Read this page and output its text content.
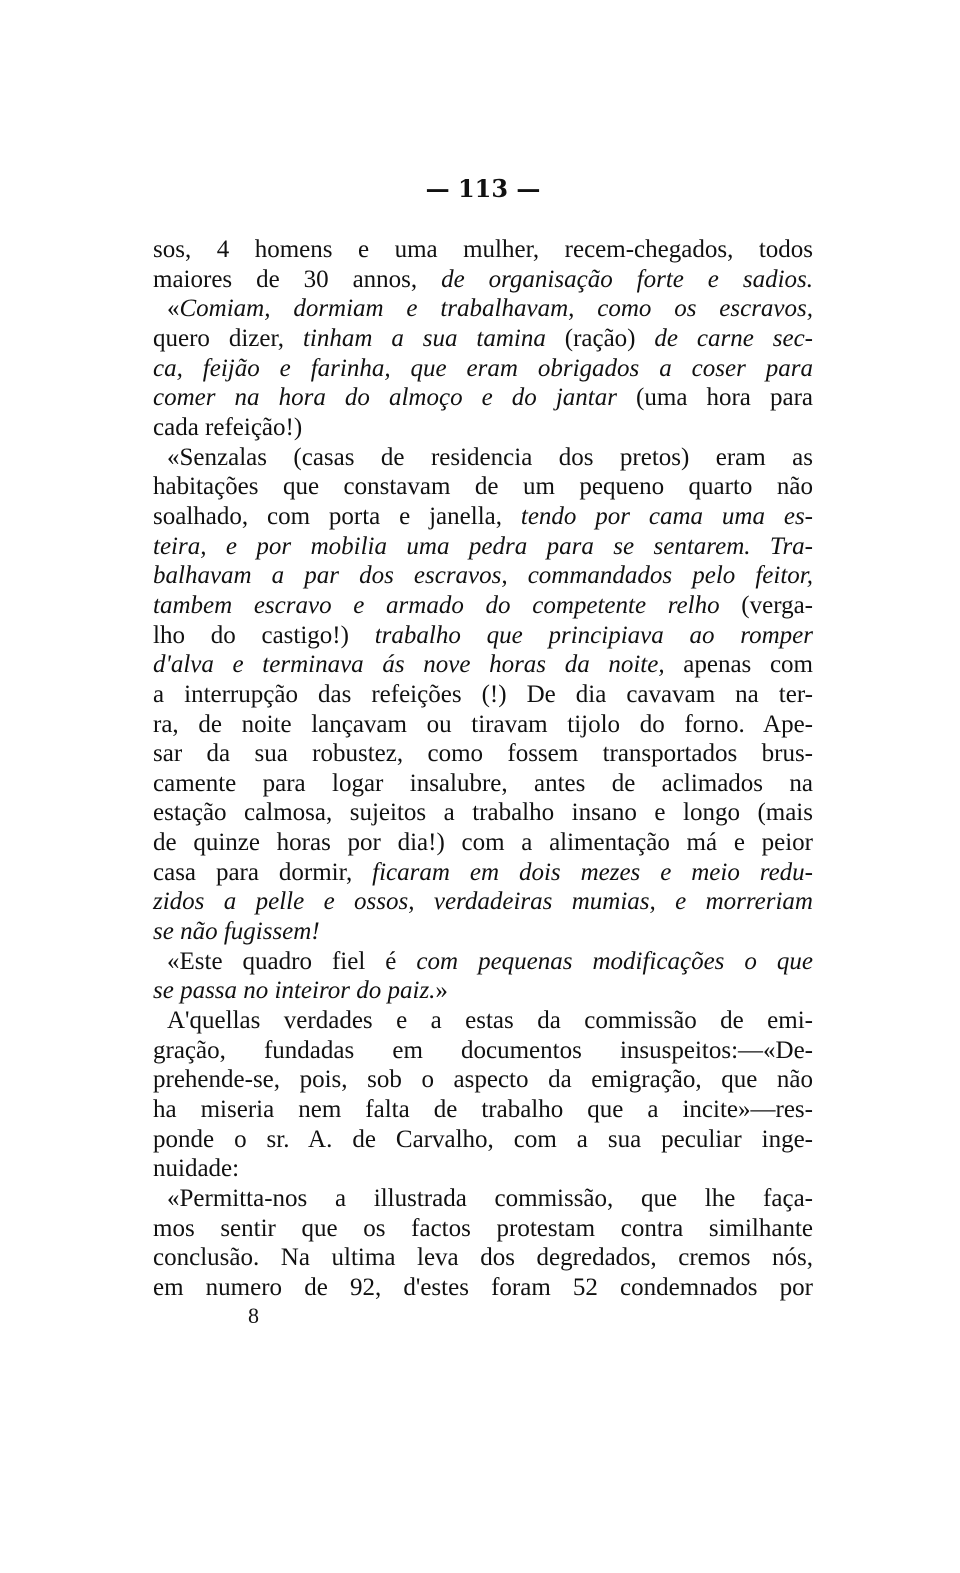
— 113 —
sos, 4 homens e uma mulher, recem-chegados, todos
maiores de 30 annos, de organisação forte e sadios.
«Comiam, dormiam e trabalhavam, como os escravos,
quero dizer, tinham a sua tamina (ração) de carne sec-
ca, feijão e farinha, que eram obrigados a coser para
comer na hora do almoço e do jantar (uma hora para
cada refeição!)
«Senzalas (casas de residencia dos pretos) eram as
habitações que constavam de um pequeno quarto não
soalhado, com porta e janella, tendo por cama uma es-
teira, e por mobilia uma pedra para se sentarem. Tra-
balhavam a par dos escravos, commandados pelo feitor,
tambem escravo e armado do competente relho (verga-
lho do castigo!) trabalho que principiava ao romper
d'alva e terminava ás nove horas da noite, apenas com
a interrupção das refeições (!) De dia cavavam na ter-
ra, de noite lançavam ou tiravam tijolo do forno. Ape-
sar da sua robustez, como fossem transportados brus-
camente para logar insalubre, antes de aclimados na
estação calmosa, sujeitos a trabalho insano e longo (mais
de quinze horas por dia!) com a alimentação má e peior
casa para dormir, ficaram em dois mezes e meio redu-
zidos a pelle e ossos, verdadeiras mumias, e morreriam
se não fugissem!
«Este quadro fiel é com pequenas modificações o que
se passa no inteiror do paiz.»
A'quellas verdades e a estas da commissão de emi-
gração, fundadas em documentos insuspeitos:—«De-
prehende-se, pois, sob o aspecto da emigração, que não
ha miseria nem falta de trabalho que a incite»—res-
ponde o sr. A. de Carvalho, com a sua peculiar inge-
nuidade:
«Permitta-nos a illustrada commissão, que lhe faça-
mos sentir que os factos protestam contra similhante
conclusão. Na ultima leva dos degredados, cremos nós,
em numero de 92, d'estes foram 52 condemnados por
8
